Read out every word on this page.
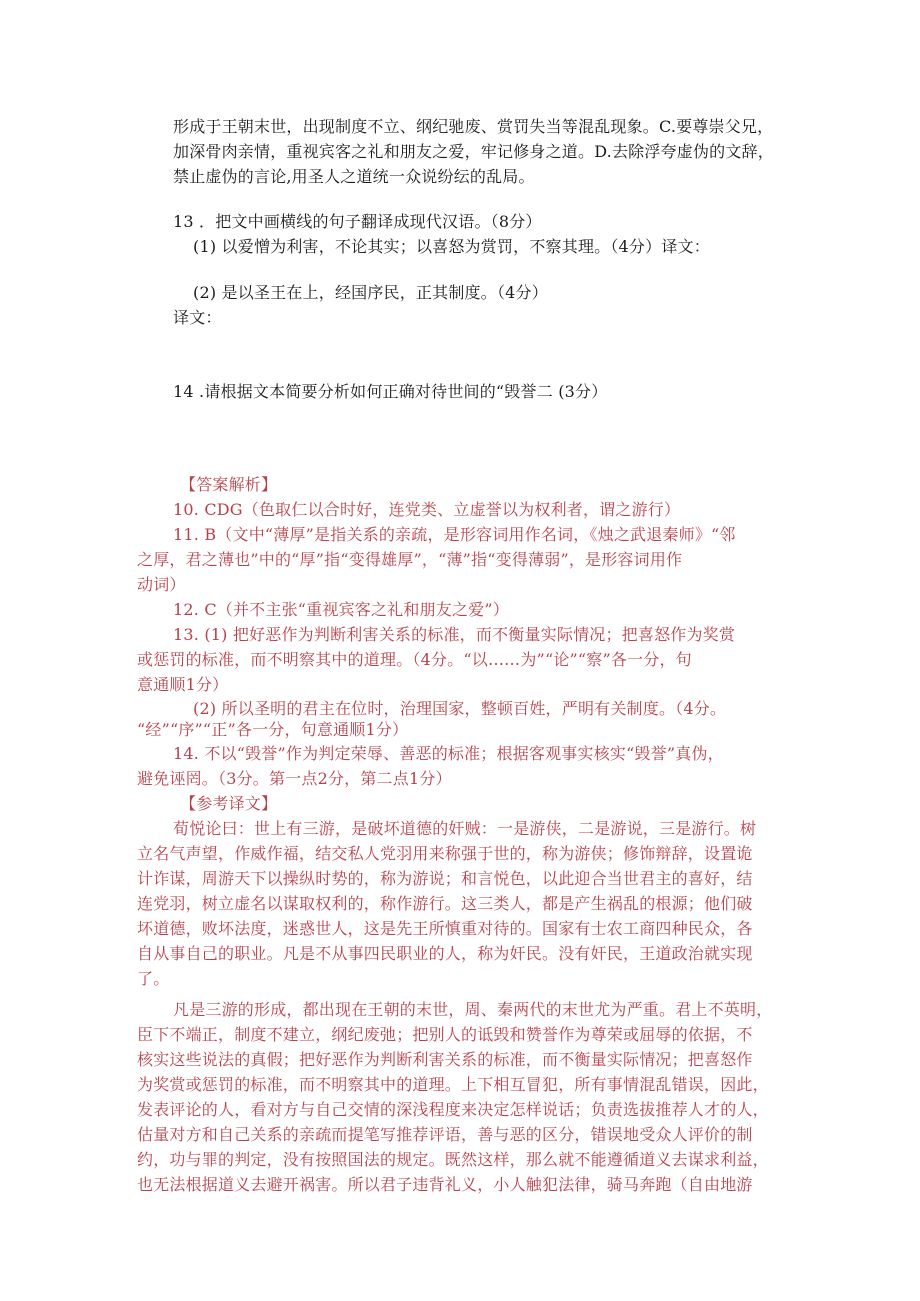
形成于王朝末世，出现制度不立、纲纪驰废、赏罚失当等混乱现象。C.要尊崇父兄，
加深骨肉亲情，重视宾客之礼和朋友之爱，牢记修身之道。D.去除浮夸虚伪的文辞，
禁止虚伪的言论,用圣人之道统一众说纷纭的乱局。
13 ．把文中画横线的句子翻译成现代汉语。（8分）
(1) 以爱憎为利害，不论其实；以喜怒为赏罚，不察其理。（4分）译文：
(2) 是以圣王在上，经国序民，正其制度。（4分）
译文：
14 .请根据文本简要分析如何正确对待世间的“毁誉二 (3分）
【答案解析】
10. CDG（色取仁以合时好，连党类、立虚誉以为权利者，谓之游行）
11. B（文中“薄厚”是指关系的亲疏，是形容词用作名词，《烛之武退秦师》“邻
之厚，君之薄也”中的“厚”指“变得雄厚”，“薄”指“变得薄弱”，是形容词用作
动词）
12. C（并不主张“重视宾客之礼和朋友之爱”）
13. (1) 把好恶作为判断利害关系的标准，而不衡量实际情况；把喜怒作为奖赏
或惩罚的标准，而不明察其中的道理。（4分。“以……为”“论”“察”各一分，句
意通顺1分）
(2) 所以圣明的君主在位时，治理国家，整顿百姓，严明有关制度。（4分。
“经”“序”“正”各一分，句意通顺1分）
14. 不以“毁誉”作为判定荣辱、善恶的标准；根据客观事实核实“毁誉”真伪，
避免诬罔。（3分。第一点2分，第二点1分）
【参考译文】
荀悦论曰：世上有三游，是破坏道德的奸贼：一是游侠，二是游说，三是游行。树
立名气声望，作威作福，结交私人党羽用来称强于世的，称为游侠；修饰辩辞，设置诡
计诈谋，周游天下以操纵时势的，称为游说；和言悦色，以此迎合当世君主的喜好，结
连党羽，树立虚名以谋取权利的，称作游行。这三类人，都是产生祸乱的根源；他们破
坏道德，败坏法度，迷惑世人，这是先王所慎重对待的。国家有士农工商四种民众，各
自从事自己的职业。凡是不从事四民职业的人，称为奸民。没有奸民，王道政治就实现
了。
凡是三游的形成，都出现在王朝的末世，周、秦两代的末世尤为严重。君上不英明，
臣下不端正，制度不建立，纲纪废弛；把别人的诋毁和赞誉作为尊荣或屈辱的依据，不
核实这些说法的真假；把好恶作为判断利害关系的标准，而不衡量实际情况；把喜怒作
为奖赏或惩罚的标准，而不明察其中的道理。上下相互冒犯，所有事情混乱错误，因此，
发表评论的人，看对方与自己交情的深浅程度来决定怎样说话；负责选拔推荐人才的人，
估量对方和自己关系的亲疏而提笔写推荐评语，善与恶的区分，错误地受众人评价的制
约，功与罪的判定，没有按照国法的规定。既然这样，那么就不能遵循道义去谋求利益，
也无法根据道义去避开祸害。所以君子违背礼义，小人触犯法律，骑马奔跑（自由地游
